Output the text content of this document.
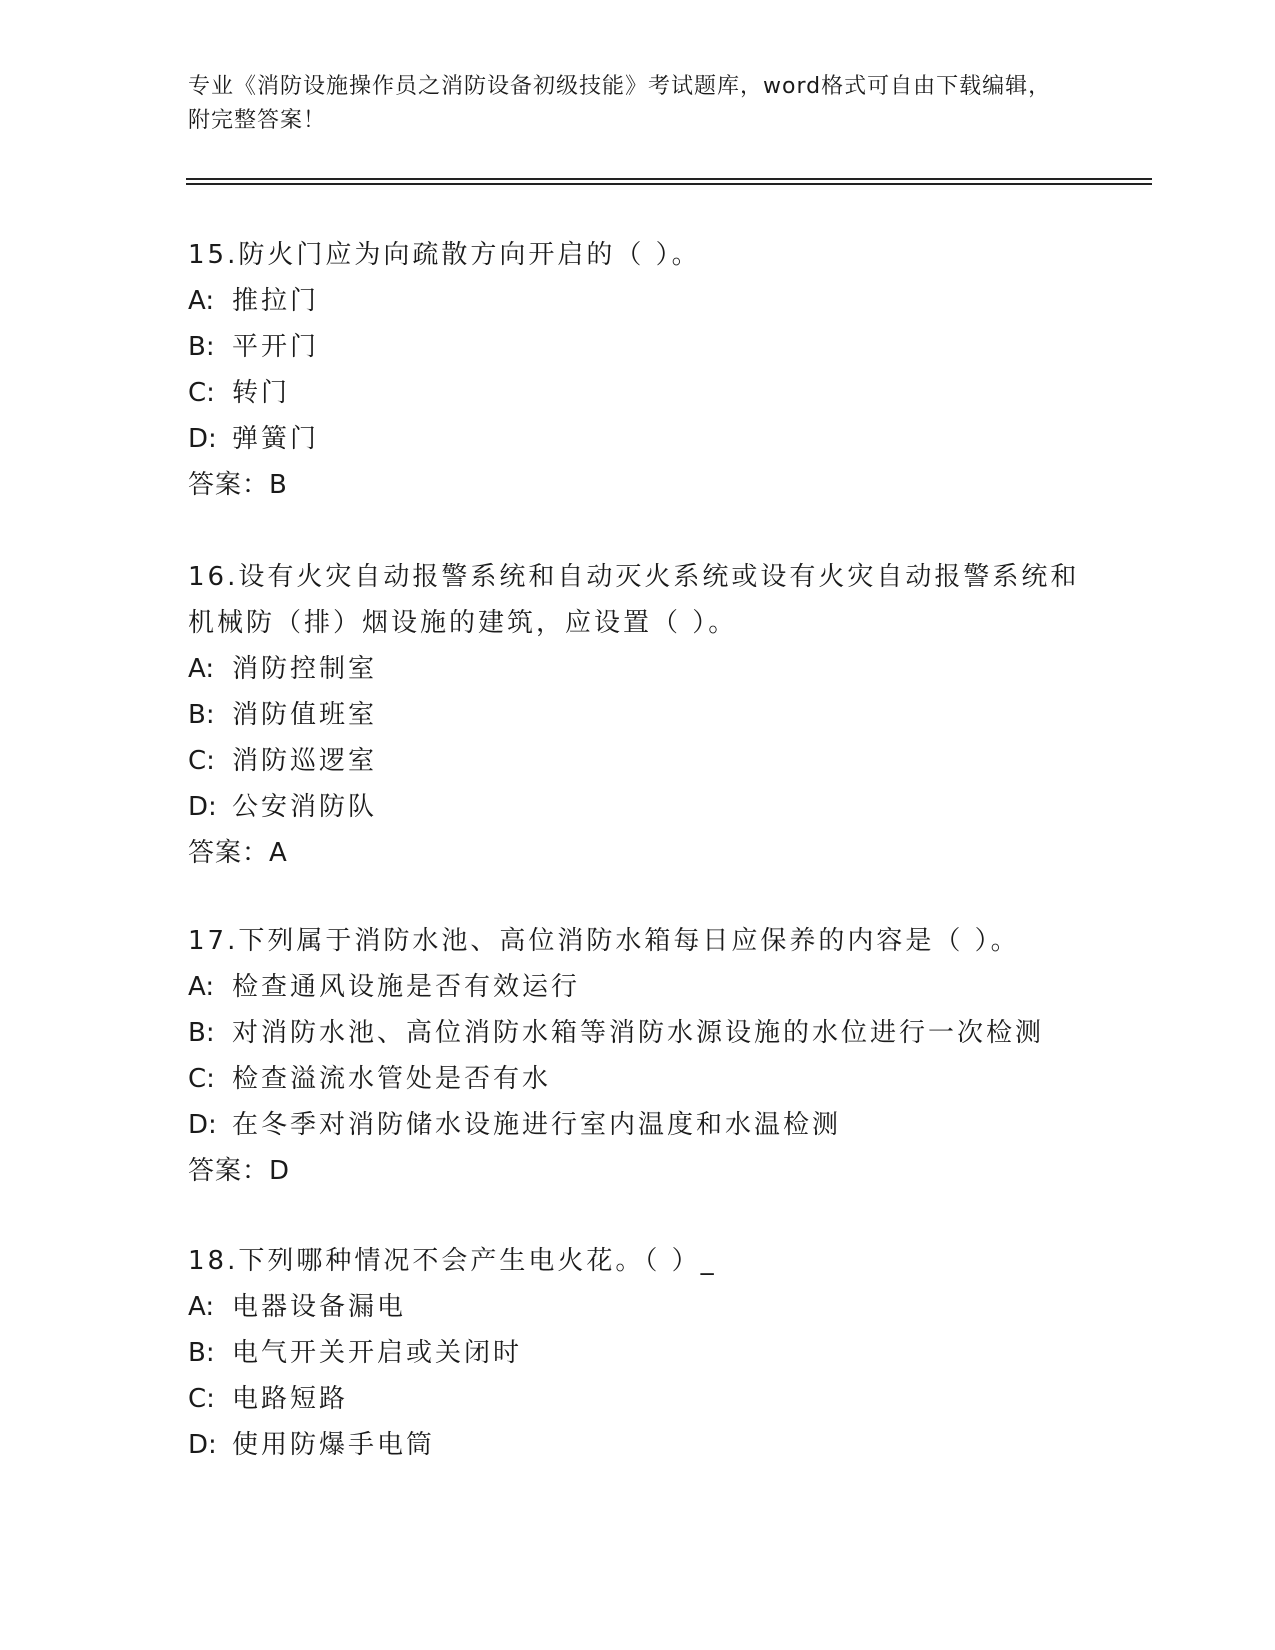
专业《消防设施操作员之消防设备初级技能》考试题库，word格式可自由下载编辑，附完整答案！

15.防火门应为向疏散方向开启的（ ）。

A: 推拉门
B: 平开门
C: 转门
D: 弹簧门
答案：B

16.设有火灾自动报警系统和自动灭火系统或设有火灾自动报警系统和机械防（排）烟设施的建筑，应设置（ ）。

A: 消防控制室
B: 消防值班室
C: 消防巡逻室
D: 公安消防队
答案：A

17.下列属于消防水池、高位消防水箱每日应保养的内容是（ ）。

A: 检查通风设施是否有效运行
B: 对消防水池、高位消防水箱等消防水源设施的水位进行一次检测
C: 检查溢流水管处是否有水
D: 在冬季对消防储水设施进行室内温度和水温检测
答案：D

18.下列哪种情况不会产生电火花。（ ）_

A: 电器设备漏电
B: 电气开关开启或关闭时
C: 电路短路
D: 使用防爆手电筒
